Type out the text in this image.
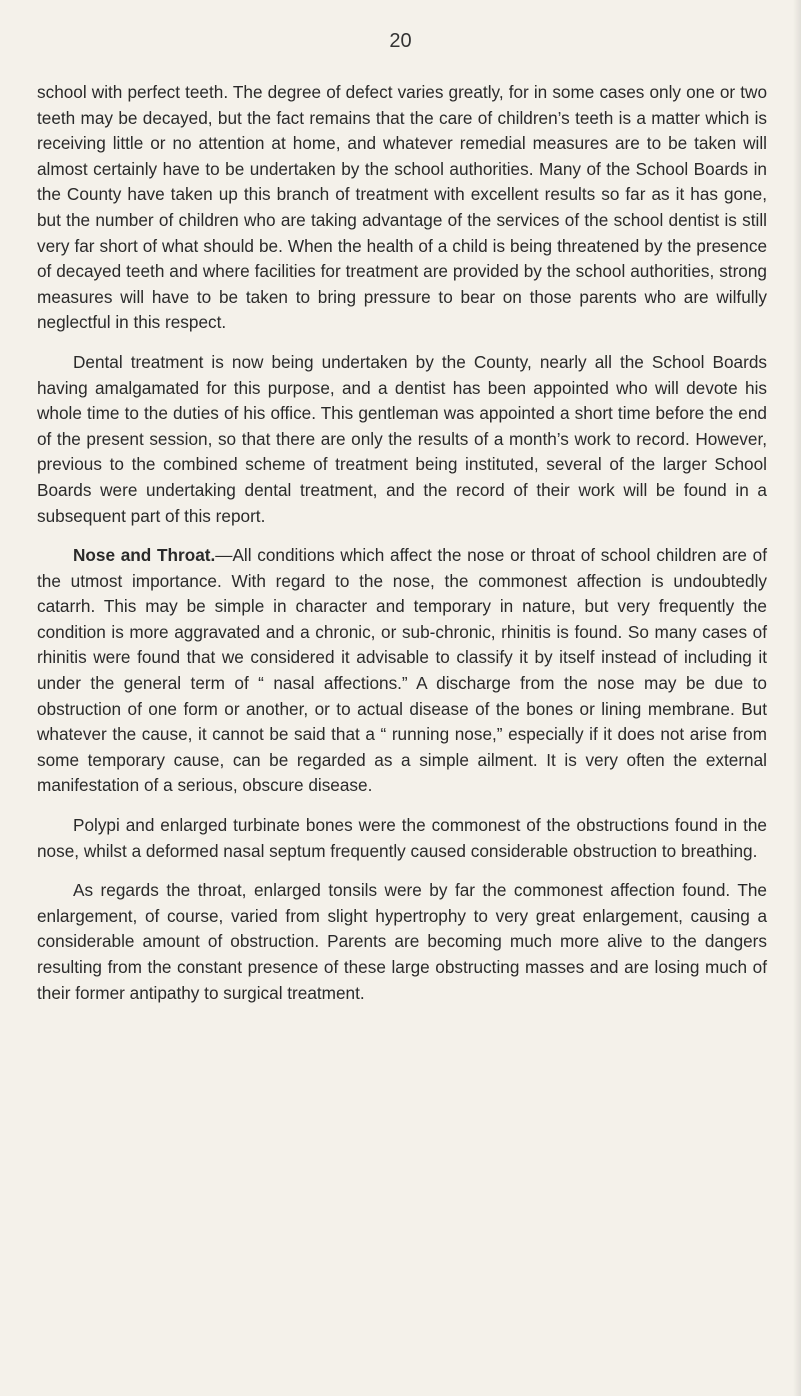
20

school with perfect teeth. The degree of defect varies greatly, for in some cases only one or two teeth may be decayed, but the fact remains that the care of children’s teeth is a matter which is receiving little or no attention at home, and whatever remedial measures are to be taken will almost certainly have to be undertaken by the school authorities. Many of the School Boards in the County have taken up this branch of treatment with excellent results so far as it has gone, but the number of children who are taking advantage of the services of the school dentist is still very far short of what should be. When the health of a child is being threatened by the presence of decayed teeth and where facilities for treatment are provided by the school authorities, strong measures will have to be taken to bring pressure to bear on those parents who are wilfully neglectful in this respect.

Dental treatment is now being undertaken by the County, nearly all the School Boards having amalgamated for this purpose, and a dentist has been appointed who will devote his whole time to the duties of his office. This gentleman was appointed a short time before the end of the present session, so that there are only the results of a month’s work to record. However, previous to the combined scheme of treatment being instituted, several of the larger School Boards were undertaking dental treatment, and the record of their work will be found in a subsequent part of this report.

Nose and Throat.—All conditions which affect the nose or throat of school children are of the utmost importance. With regard to the nose, the commonest affection is undoubtedly catarrh. This may be simple in character and temporary in nature, but very frequently the condition is more aggravated and a chronic, or sub-chronic, rhinitis is found. So many cases of rhinitis were found that we considered it advisable to classify it by itself instead of including it under the general term of “ nasal affections.” A discharge from the nose may be due to obstruction of one form or another, or to actual disease of the bones or lining membrane. But whatever the cause, it cannot be said that a “ running nose,” especially if it does not arise from some temporary cause, can be regarded as a simple ailment. It is very often the external manifestation of a serious, obscure disease.

Polypi and enlarged turbinate bones were the commonest of the obstructions found in the nose, whilst a deformed nasal septum frequently caused considerable obstruction to breathing.

As regards the throat, enlarged tonsils were by far the commonest affection found. The enlargement, of course, varied from slight hypertrophy to very great enlargement, causing a considerable amount of obstruction. Parents are becoming much more alive to the dangers resulting from the constant presence of these large obstructing masses and are losing much of their former antipathy to surgical treatment.
